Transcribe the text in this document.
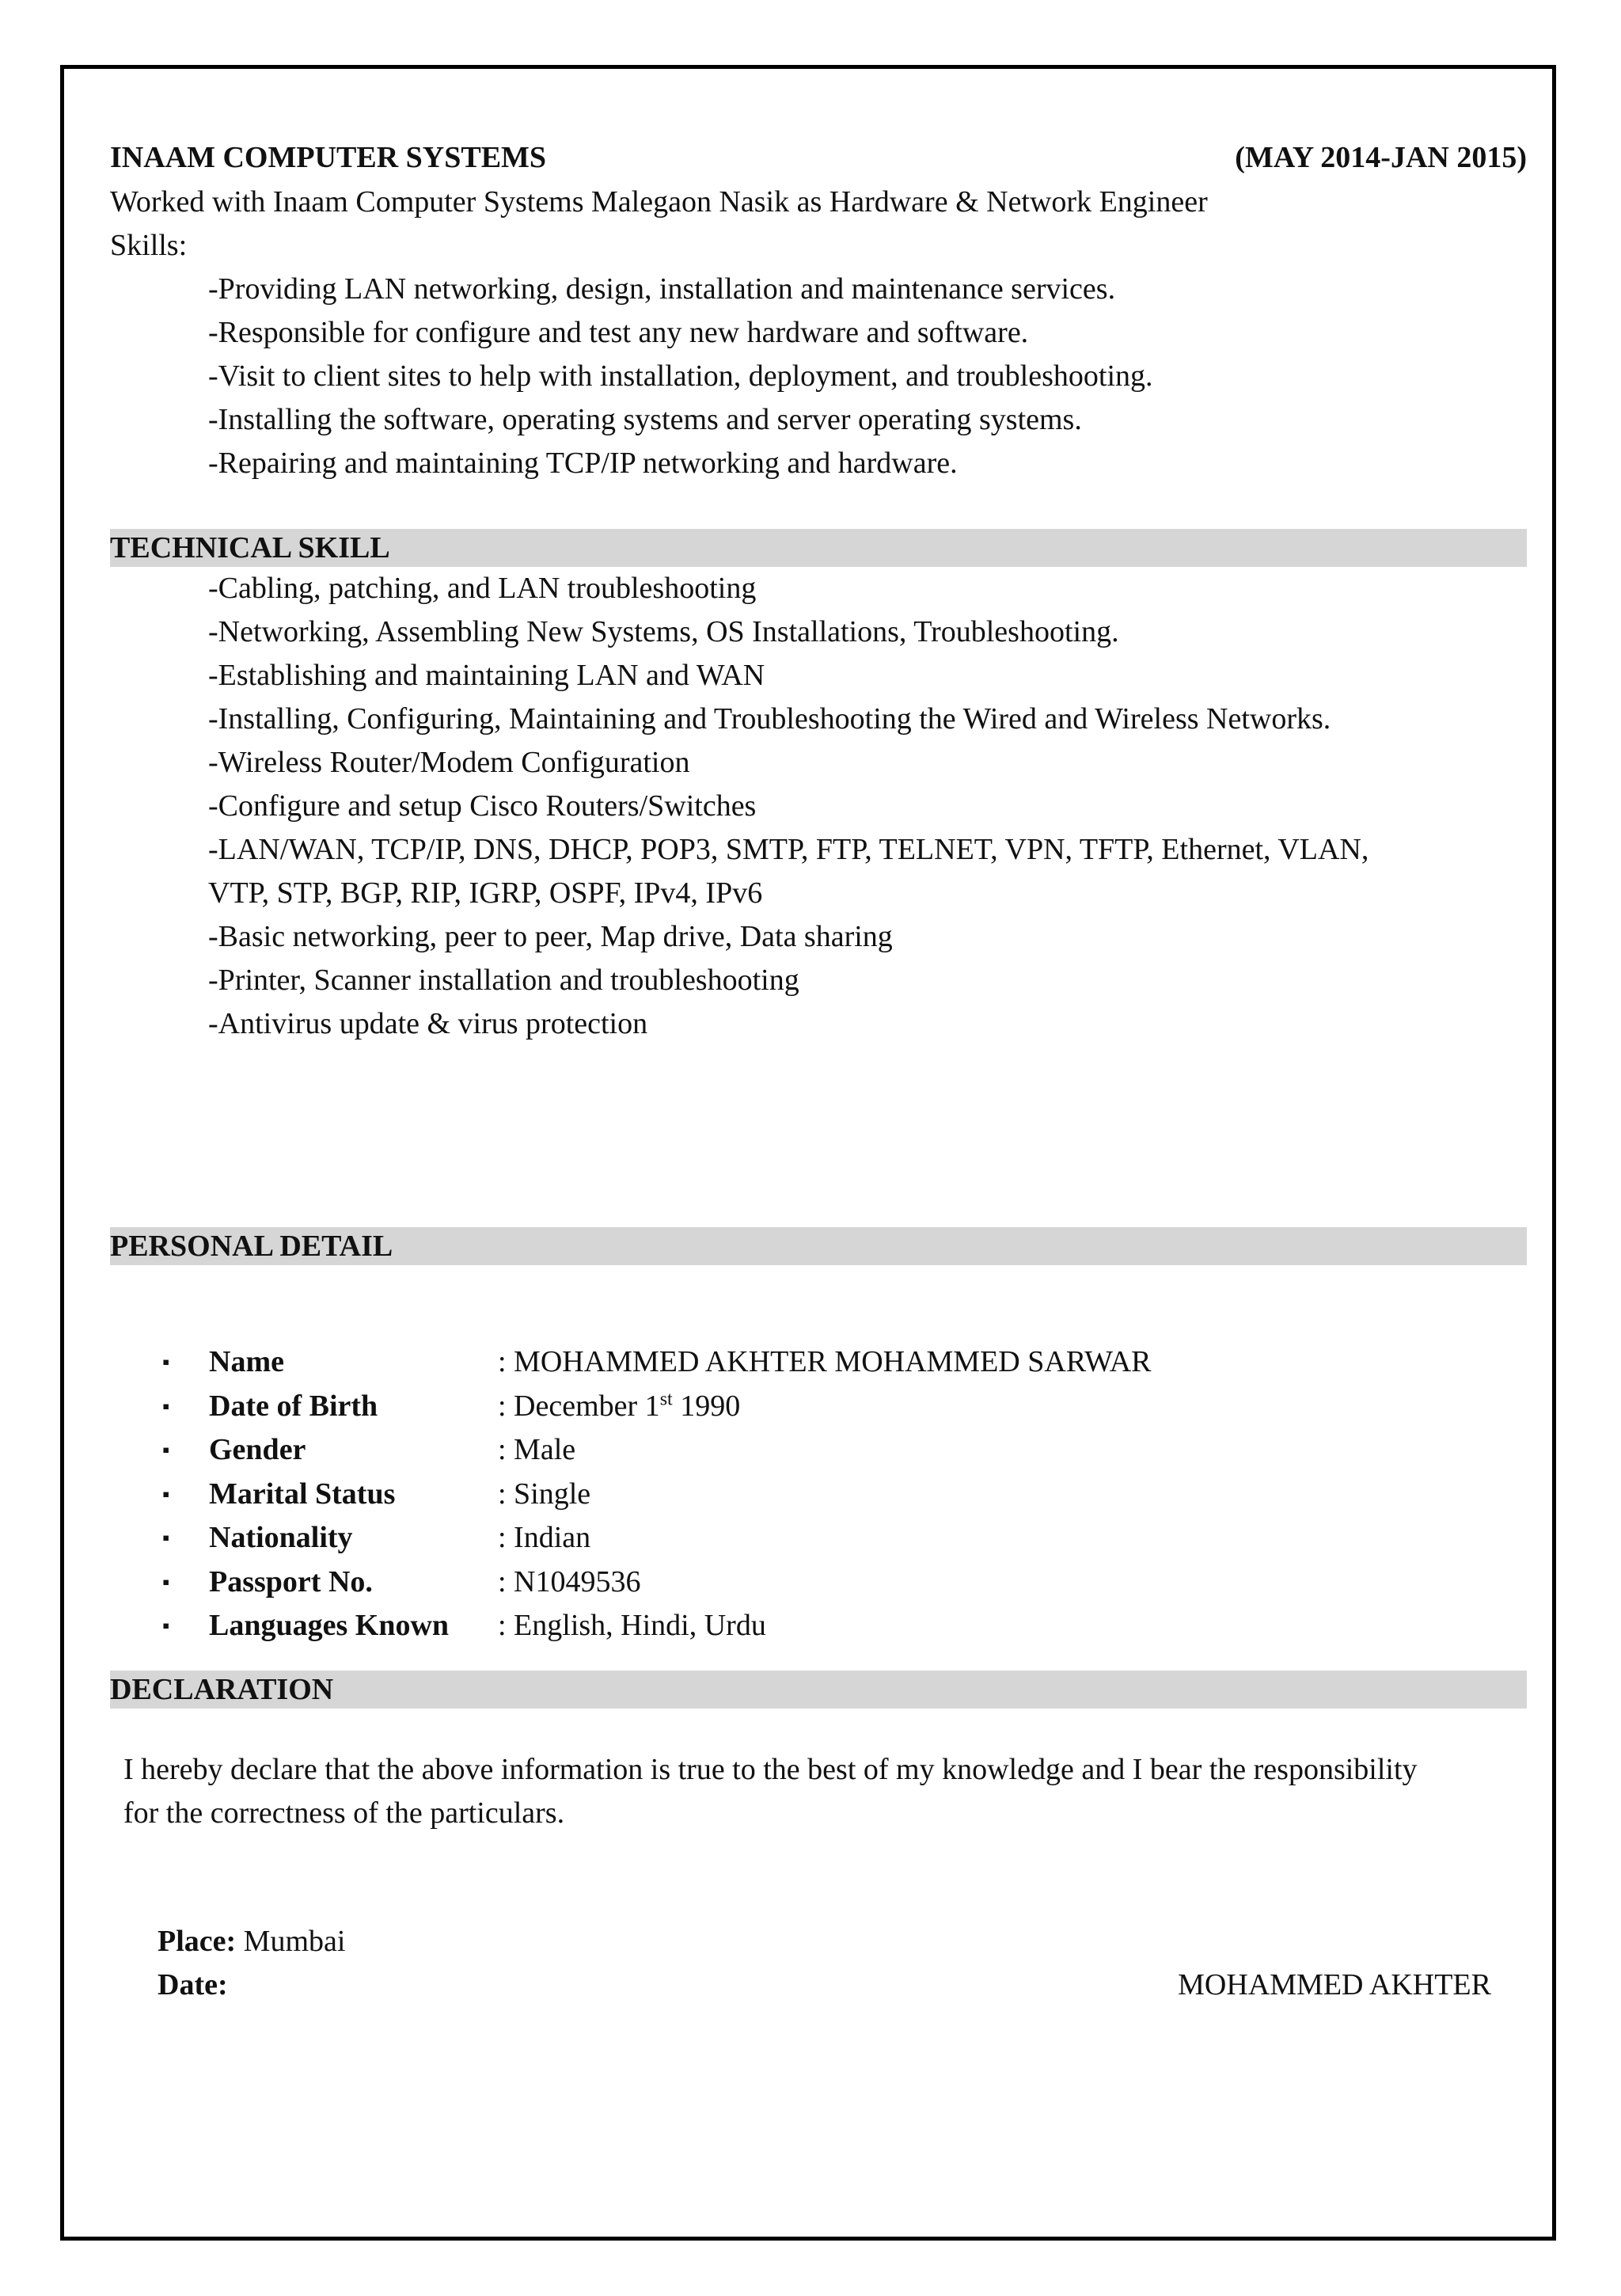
INAAM COMPUTER SYSTEMS	(MAY 2014-JAN 2015)
Worked with Inaam Computer Systems Malegaon Nasik as Hardware & Network Engineer
Skills:
-Providing LAN networking, design, installation and maintenance services.
-Responsible for configure and test any new hardware and software.
-Visit to client sites to help with installation, deployment, and troubleshooting.
-Installing the software, operating systems and server operating systems.
-Repairing and maintaining TCP/IP networking and hardware.
TECHNICAL SKILL
-Cabling, patching, and LAN troubleshooting
-Networking, Assembling New Systems, OS Installations, Troubleshooting.
-Establishing and maintaining LAN and WAN
-Installing, Configuring, Maintaining and Troubleshooting the Wired and Wireless Networks.
-Wireless Router/Modem Configuration
-Configure and setup Cisco Routers/Switches
-LAN/WAN, TCP/IP, DNS, DHCP, POP3, SMTP, FTP, TELNET, VPN, TFTP, Ethernet, VLAN,
VTP, STP, BGP, RIP, IGRP, OSPF, IPv4, IPv6
-Basic networking, peer to peer, Map drive, Data sharing
-Printer, Scanner installation and troubleshooting
-Antivirus update & virus protection
PERSONAL DETAIL
▪ Name	: MOHAMMED AKHTER MOHAMMED SARWAR
▪ Date of Birth	: December 1st 1990
▪ Gender	: Male
▪ Marital Status	: Single
▪ Nationality	: Indian
▪ Passport No.	: N1049536
▪ Languages Known : English, Hindi, Urdu
DECLARATION
I hereby declare that the above information is true to the best of my knowledge and I bear the responsibility for the correctness of the particulars.
Place: Mumbai
Date:	MOHAMMED AKHTER
